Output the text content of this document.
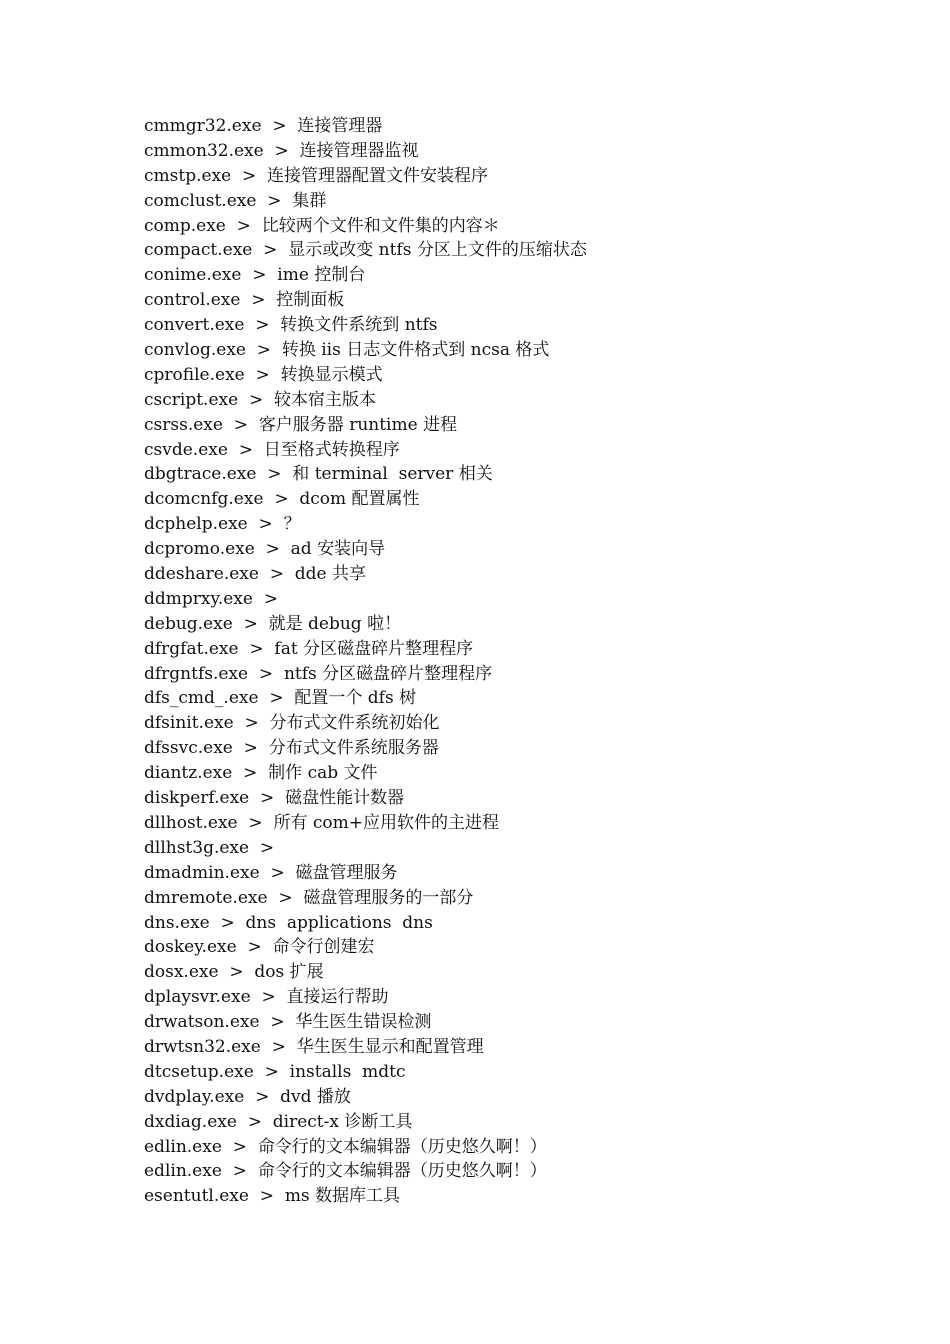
cmmgr32.exe  >  连接管理器
cmmon32.exe  >  连接管理器监视
cmstp.exe  >  连接管理器配置文件安装程序
comclust.exe  >  集群
comp.exe  >  比较两个文件和文件集的内容＊
compact.exe  >  显示或改变 ntfs 分区上文件的压缩状态
conime.exe  >  ime 控制台
control.exe  >  控制面板
convert.exe  >  转换文件系统到 ntfs
convlog.exe  >  转换 iis 日志文件格式到 ncsa 格式
cprofile.exe  >  转换显示模式
cscript.exe  >  较本宿主版本
csrss.exe  >  客户服务器 runtime 进程
csvde.exe  >  日至格式转换程序
dbgtrace.exe  >  和 terminal  server 相关
dcomcnfg.exe  >  dcom 配置属性
dcphelp.exe  >  ？
dcpromo.exe  >  ad 安装向导
ddeshare.exe  >  dde 共享
ddmprxy.exe  >
debug.exe  >  就是 debug 啦！
dfrgfat.exe  >  fat 分区磁盘碎片整理程序
dfrgntfs.exe  >  ntfs 分区磁盘碎片整理程序
dfs_cmd_.exe  >  配置一个 dfs 树
dfsinit.exe  >  分布式文件系统初始化
dfssvc.exe  >  分布式文件系统服务器
diantz.exe  >  制作 cab 文件
diskperf.exe  >  磁盘性能计数器
dllhost.exe  >  所有 com+应用软件的主进程
dllhst3g.exe  >
dmadmin.exe  >  磁盘管理服务
dmremote.exe  >  磁盘管理服务的一部分
dns.exe  >  dns  applications  dns
doskey.exe  >  命令行创建宏
dosx.exe  >  dos 扩展
dplaysvr.exe  >  直接运行帮助
drwatson.exe  >  华生医生错误检测
drwtsn32.exe  >  华生医生显示和配置管理
dtcsetup.exe  >  installs  mdtc
dvdplay.exe  >  dvd 播放
dxdiag.exe  >  direct-x 诊断工具
edlin.exe  >  命令行的文本编辑器（历史悠久啊！）
edlin.exe  >  命令行的文本编辑器（历史悠久啊！）
esentutl.exe  >  ms 数据库工具
